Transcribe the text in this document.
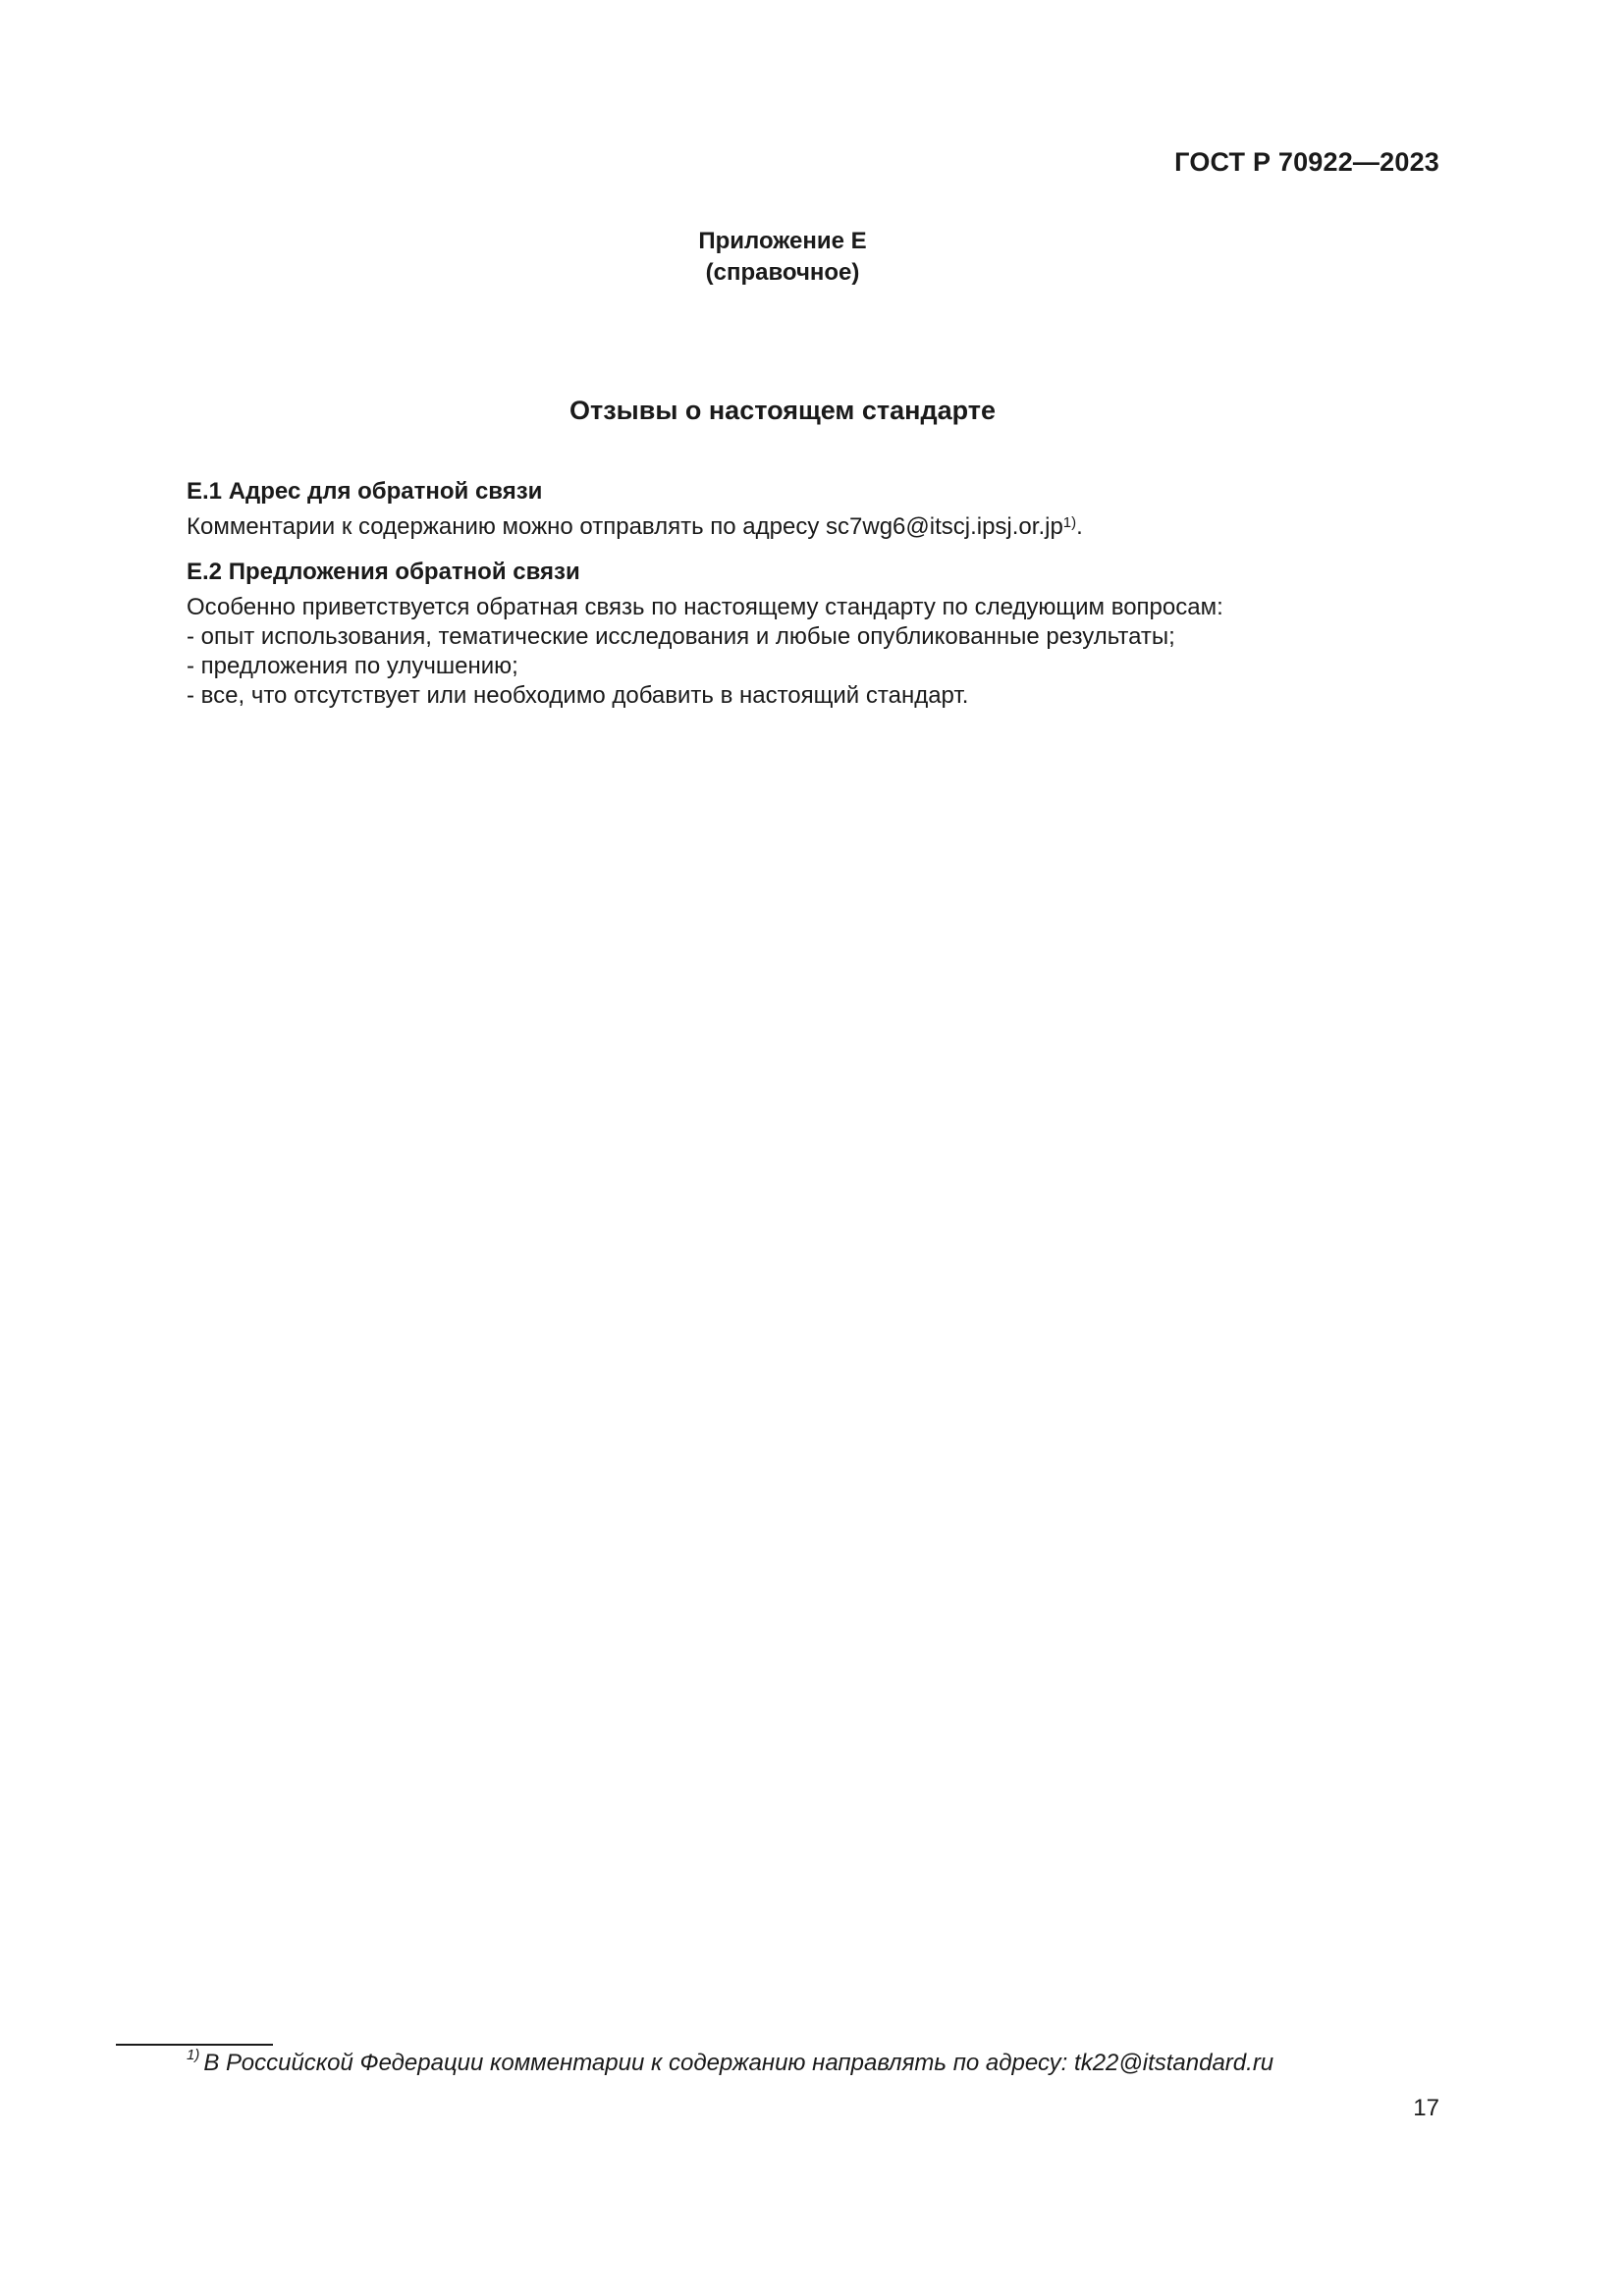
ГОСТ Р 70922—2023
Приложение Е
(справочное)
Отзывы о настоящем стандарте

Е.1 Адрес для обратной связи

Комментарии к содержанию можно отправлять по адресу sc7wg6@itscj.ipsj.or.jp$^{1)}$.

Е.2 Предложения обратной связи

Особенно приветствуется обратная связь по настоящему стандарту по следующим вопросам:

- опыт использования, тематические исследования и любые опубликованные результаты;

- предложения по улучшению;

- все, что отсутствует или необходимо добавить в настоящий стандарт.

$^{1)}$ В Российской Федерации комментарии к содержанию направлять по адресу: tk22@itstandard.ru
17
